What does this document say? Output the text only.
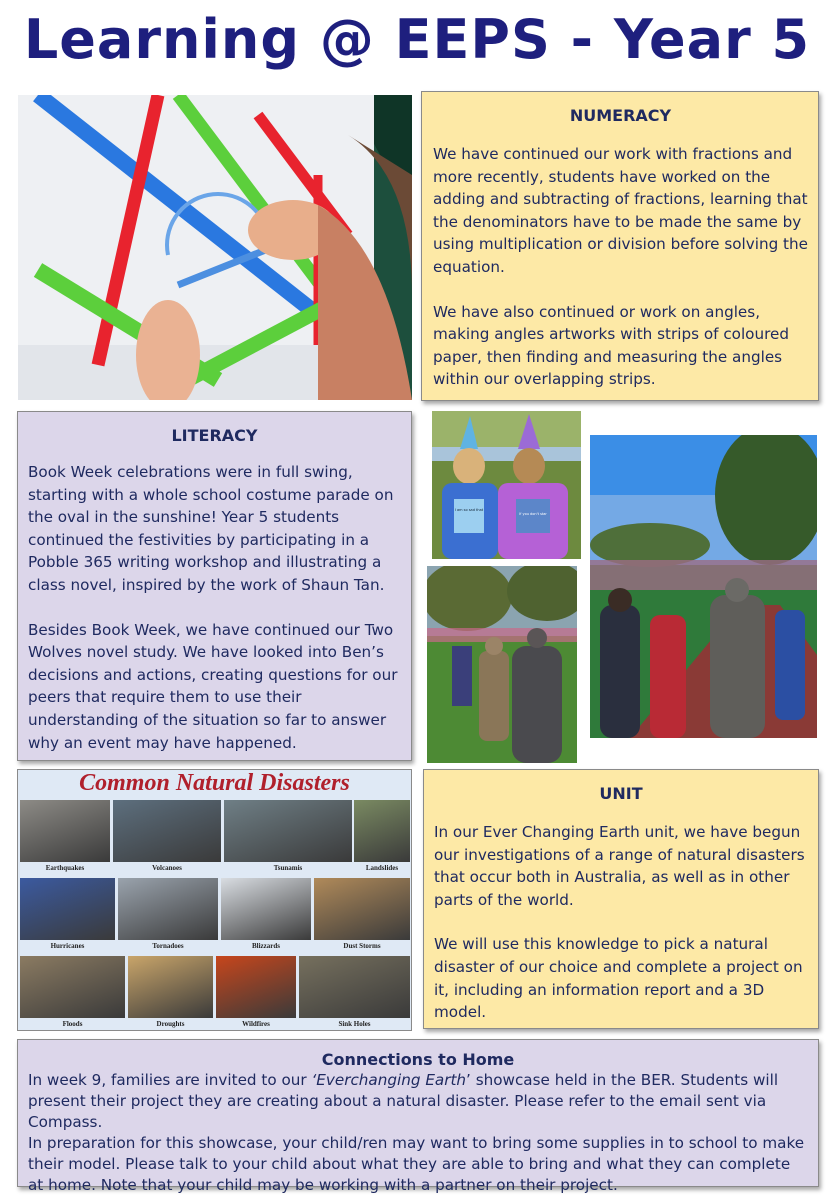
Learning @ EEPS - Year 5
NUMERACY

We have continued our work with fractions and more recently, students have worked on the adding and subtracting of fractions, learning that the denominators have to be made the same by using multiplication or division before solving the equation.

We have also continued or work on angles, making angles artworks with strips of coloured paper, then finding and measuring the angles within our overlapping strips.

LITERACY

Book Week celebrations were in full swing, starting with a whole school costume parade on the oval in the sunshine! Year 5 students continued the festivities by participating in a Pobble 365 writing workshop and illustrating a class novel, inspired by the work of Shaun Tan.

Besides Book Week, we have continued our Two Wolves novel study. We have looked into Ben’s decisions and actions, creating questions for our peers that require them to use their understanding of the situation so far to answer why an event may have happened.

I am so sad that
If you don't star
Common Natural Disasters
Earthquakes	Volcanoes	Tsunamis	Landslides
Hurricanes	Tornadoes	Blizzards	Dust Storms
Floods	Droughts	Wildfires	Sink Holes
UNIT

In our Ever Changing Earth unit, we have begun our investigations of a range of natural disasters that occur both in Australia, as well as in other parts of the world.

We will use this knowledge to pick a natural disaster of our choice and complete a project on it, including an information report and a 3D model.

Connections to Home

In week 9, families are invited to our ‘Everchanging Earth’ showcase held in the BER. Students will present their project they are creating about a natural disaster. Please refer to the email sent via Compass.

In preparation for this showcase, your child/ren may want to bring some supplies in to school to make their model. Please talk to your child about what they are able to bring and what they can complete at home. Note that your child may be working with a partner on their project.
